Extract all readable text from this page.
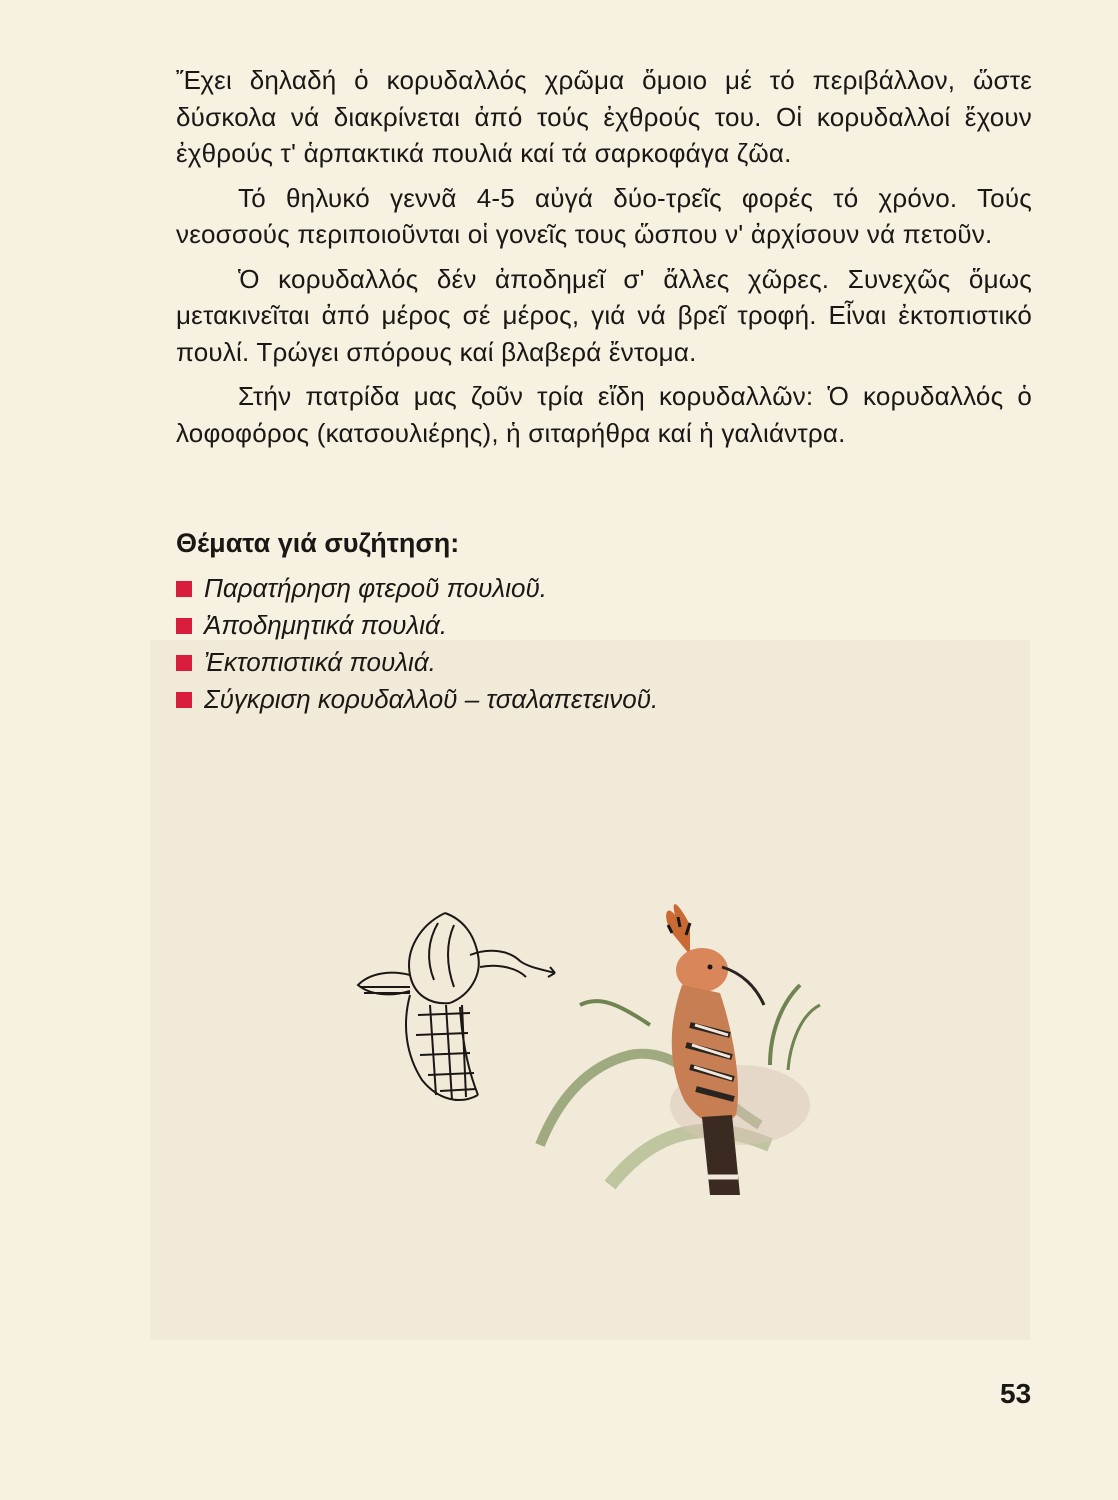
Ἔχει δηλαδή ὁ κορυδαλλός χρῶμα ὅμοιο μέ τό περιβάλλον, ὥστε δύσκολα νά διακρίνεται ἀπό τούς ἐχθρούς του. Οἱ κορυδαλλοί ἔχουν ἐχθρούς τ' ἁρπακτικά πουλιά καί τά σαρκοφάγα ζῶα.

Τό θηλυκό γεννᾶ 4-5 αὐγά δύο-τρεῖς φορές τό χρόνο. Τούς νεοσσούς περιποιοῦνται οἱ γονεῖς τους ὥσπου ν' ἀρχίσουν νά πετοῦν.

Ὁ κορυδαλλός δέν ἀποδημεῖ σ' ἄλλες χῶρες. Συνεχῶς ὅμως μετακινεῖται ἀπό μέρος σέ μέρος, γιά νά βρεῖ τροφή. Εἶναι ἐκτοπιστικό πουλί. Τρώγει σπόρους καί βλαβερά ἔντομα.

Στήν πατρίδα μας ζοῦν τρία εἴδη κορυδαλλῶν: Ὁ κορυδαλλός ὁ λοφοφόρος (κατσουλιέρης), ἡ σιταρήθρα καί ἡ γαλιάντρα.

Θέματα γιά συζήτηση:
Παρατήρηση φτεροῦ πουλιοῦ.
Ἀποδημητικά πουλιά.
Ἐκτοπιστικά πουλιά.
Σύγκριση κορυδαλλοῦ – τσαλαπετεινοῦ.
53
